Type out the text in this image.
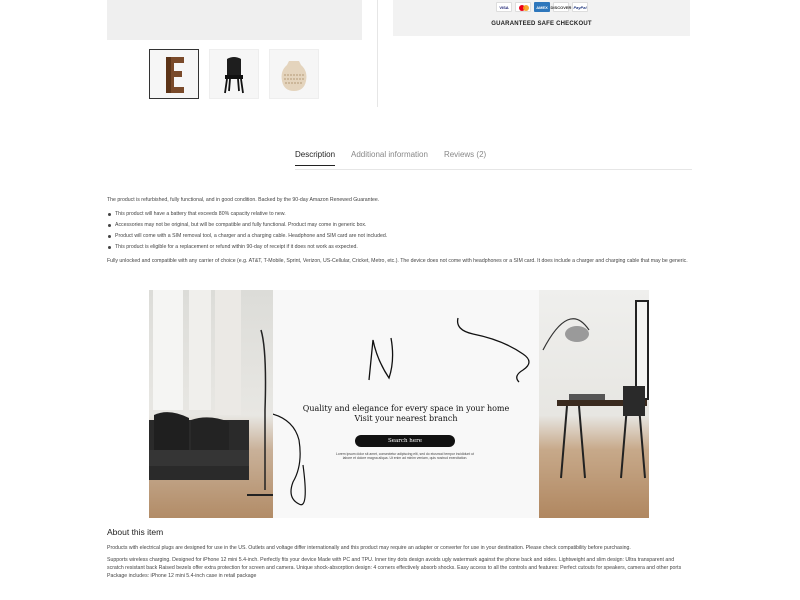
VISA	AMEX DISCOVER PayPal
GUARANTEED SAFE CHECKOUT
Description Additional information Reviews (2)

The product is refurbished, fully functional, and in good condition. Backed by the 90-day Amazon Renewed Guarantee.

This product will have a battery that exceeds 80% capacity relative to new.
Accessories may not be original, but will be compatible and fully functional. Product may come in generic box.
Product will come with a SIM removal tool, a charger and a charging cable. Headphone and SIM card are not included.
This product is eligible for a replacement or refund within 90-day of receipt if it does not work as expected.

Fully unlocked and compatible with any carrier of choice (e.g. AT&T, T-Mobile, Sprint, Verizon, US-Cellular, Cricket, Metro, etc.). The device does not come with headphones or a SIM card. It does include a charger and charging cable that may be generic.

Quality and elegance for every space in your home
Visit your nearest branch
Search here
Lorem ipsum dolor sit amet, consectetur adipiscing elit, sed do eiusmod tempor incididunt ut labore et dolore magna aliqua. Ut enim ad minim veniam, quis nostrud exercitation.
About this item

Products with electrical plugs are designed for use in the US. Outlets and voltage differ internationally and this product may require an adapter or converter for use in your destination. Please check compatibility before purchasing.

Supports wireless charging. Designed for iPhone 12 mini 5.4-inch. Perfectly fits your device Made with PC and TPU. Inner tiny dots design avoids ugly watermark against the phone back and sides. Lightweight and slim design: Ultra transparent and scratch resistant back Raised bezels offer extra protection for screen and camera. Unique shock-absorption design: 4 corners effectively absorb shocks. Easy access to all the controls and features: Perfect cutouts for speakers, camera and other ports Package includes: iPhone 12 mini 5.4-inch case in retail package
